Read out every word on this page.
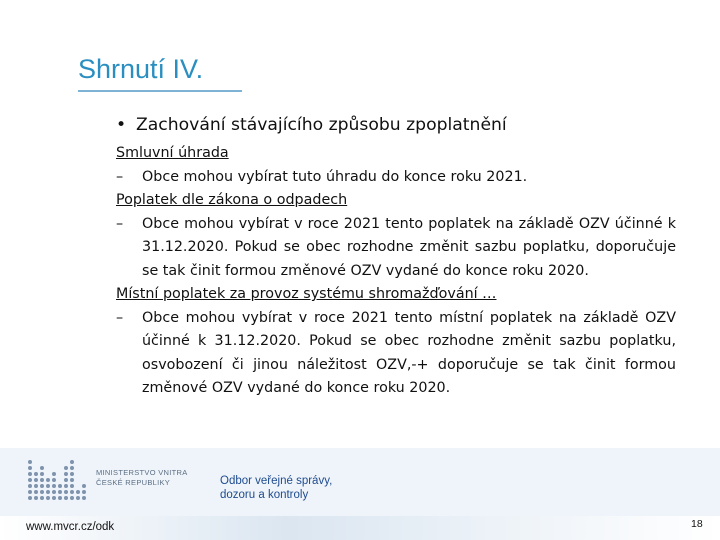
Shrnutí IV.
• Zachování stávajícího způsobu zpoplatnění
Smluvní úhrada
–	Obce mohou vybírat tuto úhradu do konce roku 2021.
Poplatek dle zákona o odpadech
–	Obce mohou vybírat v roce 2021 tento poplatek na základě OZV účinné k 31.12.2020. Pokud se obec rozhodne změnit sazbu poplatku, doporučuje se tak činit formou změnové OZV vydané do konce roku 2020.
Místní poplatek za provoz systému shromažďování …
–	Obce mohou vybírat v roce 2021 tento místní poplatek na základě OZV účinné k 31.12.2020. Pokud se obec rozhodne změnit sazbu poplatku, osvobození či jinou náležitost OZV,-+ doporučuje se tak činit formou změnové OZV vydané do konce roku 2020.
MINISTERSTVO VNITRA
ČESKÉ REPUBLIKY	Odbor veřejné správy,
dozoru a kontroly
www.mvcr.cz/odk	18
